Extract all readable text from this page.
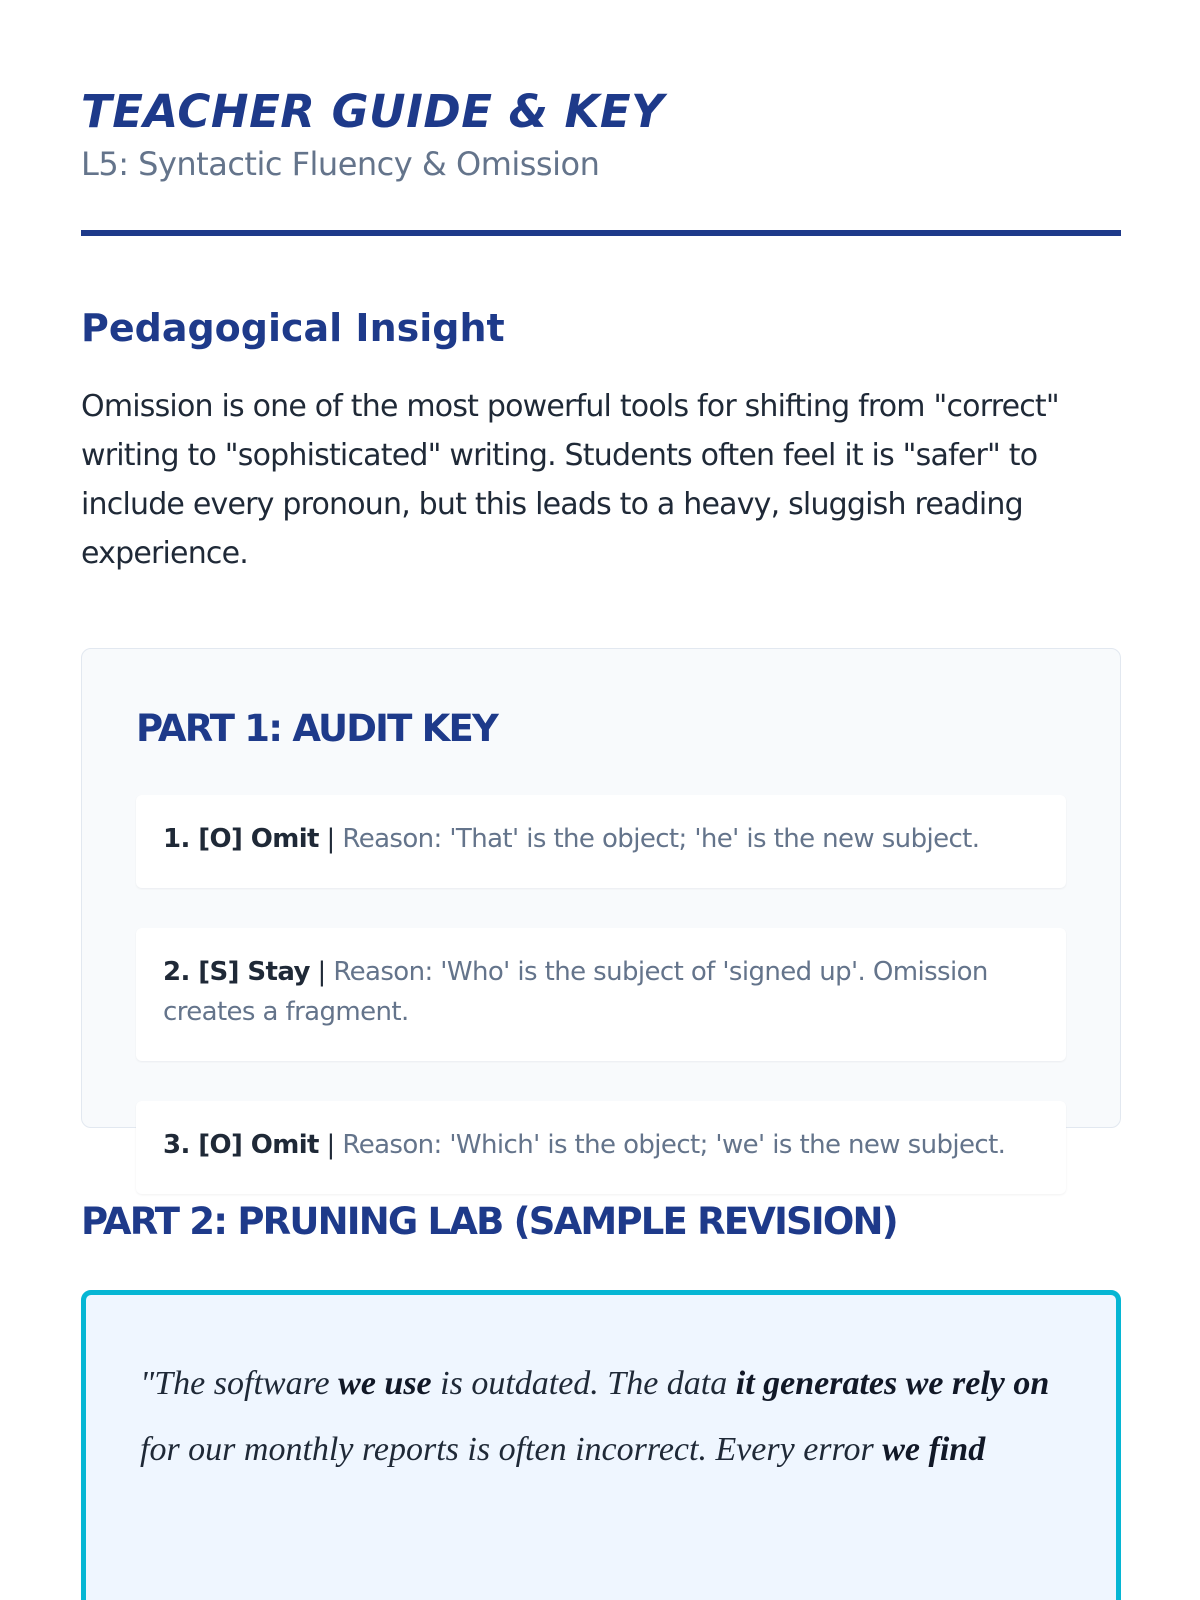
TEACHER GUIDE & KEY

L5: Syntactic Fluency & Omission

Pedagogical Insight

Omission is one of the most powerful tools for shifting from "correct" writing to "sophisticated" writing. Students often feel it is "safer" to include every pronoun, but this leads to a heavy, sluggish reading experience.

PART 1: AUDIT KEY
1. [O] Omit | Reason: 'That' is the object; 'he' is the new subject.
2. [S] Stay | Reason: 'Who' is the subject of 'signed up'. Omission creates a fragment.
3. [O] Omit | Reason: 'Which' is the object; 'we' is the new subject.
PART 2: PRUNING LAB (SAMPLE REVISION)

"The software we use is outdated. The data it generates we rely on for our monthly reports is often incorrect. Every error we find
